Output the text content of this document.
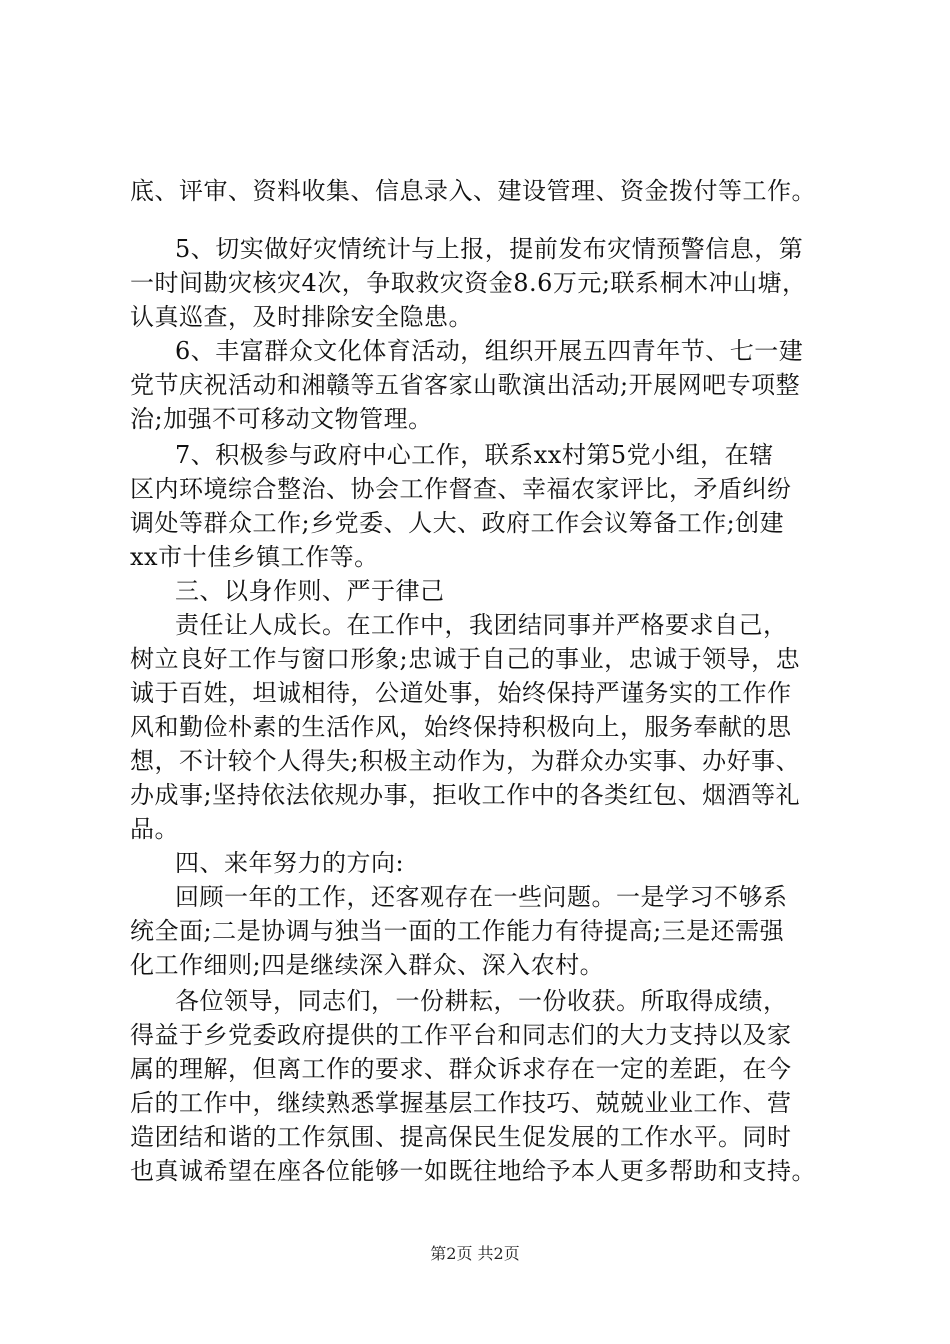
底、评审、资料收集、信息录入、建设管理、资金拨付等工作。
5、切实做好灾情统计与上报，提前发布灾情预警信息，第
一时间勘灾核灾4次，争取救灾资金8.6万元;联系桐木冲山塘，
认真巡查，及时排除安全隐患。
6、丰富群众文化体育活动，组织开展五四青年节、七一建
党节庆祝活动和湘赣等五省客家山歌演出活动;开展网吧专项整
治;加强不可移动文物管理。
7、积极参与政府中心工作，联系xx村第5党小组，在辖
区内环境综合整治、协会工作督查、幸福农家评比，矛盾纠纷
调处等群众工作;乡党委、人大、政府工作会议筹备工作;创建
xx市十佳乡镇工作等。
三、以身作则、严于律己
责任让人成长。在工作中，我团结同事并严格要求自己，
树立良好工作与窗口形象;忠诚于自己的事业，忠诚于领导，忠
诚于百姓，坦诚相待，公道处事，始终保持严谨务实的工作作
风和勤俭朴素的生活作风，始终保持积极向上，服务奉献的思
想，不计较个人得失;积极主动作为，为群众办实事、办好事、
办成事;坚持依法依规办事，拒收工作中的各类红包、烟酒等礼
品。
四、来年努力的方向:
回顾一年的工作，还客观存在一些问题。一是学习不够系
统全面;二是协调与独当一面的工作能力有待提高;三是还需强
化工作细则;四是继续深入群众、深入农村。
各位领导，同志们，一份耕耘，一份收获。所取得成绩，
得益于乡党委政府提供的工作平台和同志们的大力支持以及家
属的理解，但离工作的要求、群众诉求存在一定的差距，在今
后的工作中，继续熟悉掌握基层工作技巧、兢兢业业工作、营
造团结和谐的工作氛围、提高保民生促发展的工作水平。同时
也真诚希望在座各位能够一如既往地给予本人更多帮助和支持。
第2页 共2页
